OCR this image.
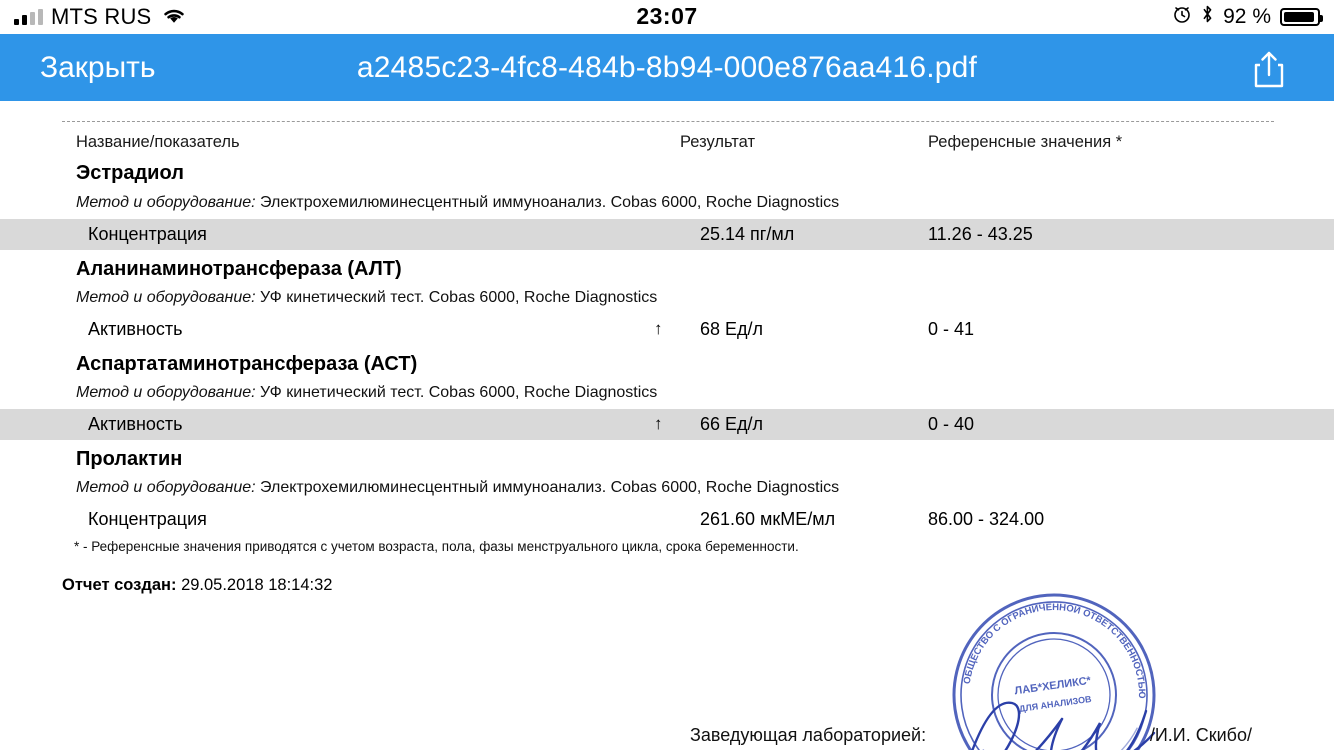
MTS RUS	23:07	92 %
Закрыть	a2485c23-4fc8-484b-8b94-000e876aa416.pdf
Название/показатель	Результат	Референсные значения *
Эстрадиол
Метод и оборудование: Электрохемилюминесцентный иммуноанализ. Cobas 6000, Roche Diagnostics
Концентрация	25.14 пг/мл	11.26 - 43.25
Аланинаминотрансфераза (АЛТ)
Метод и оборудование: УФ кинетический тест. Cobas 6000, Roche Diagnostics
Активность	↑ 68 Ед/л	0 - 41
Аспартатаминотрансфераза (АСТ)
Метод и оборудование: УФ кинетический тест. Cobas 6000, Roche Diagnostics
Активность	↑ 66 Ед/л	0 - 40
Пролактин
Метод и оборудование: Электрохемилюминесцентный иммуноанализ. Cobas 6000, Roche Diagnostics
Концентрация	261.60 мкМЕ/мл	86.00 - 324.00
* - Референсные значения приводятся с учетом возраста, пола, фазы менструального цикла, срока беременности.
Отчет создан: 29.05.2018 18:14:32
ОБЩЕСТВО С ОГРАНИЧЕННОЙ ОТВЕТСТВЕННОСТЬЮ
ЛАБ*ХЕЛИКС*
ДЛЯ АНАЛИЗОВ
Заведующая лабораторией:	/И.И. Скибо/
